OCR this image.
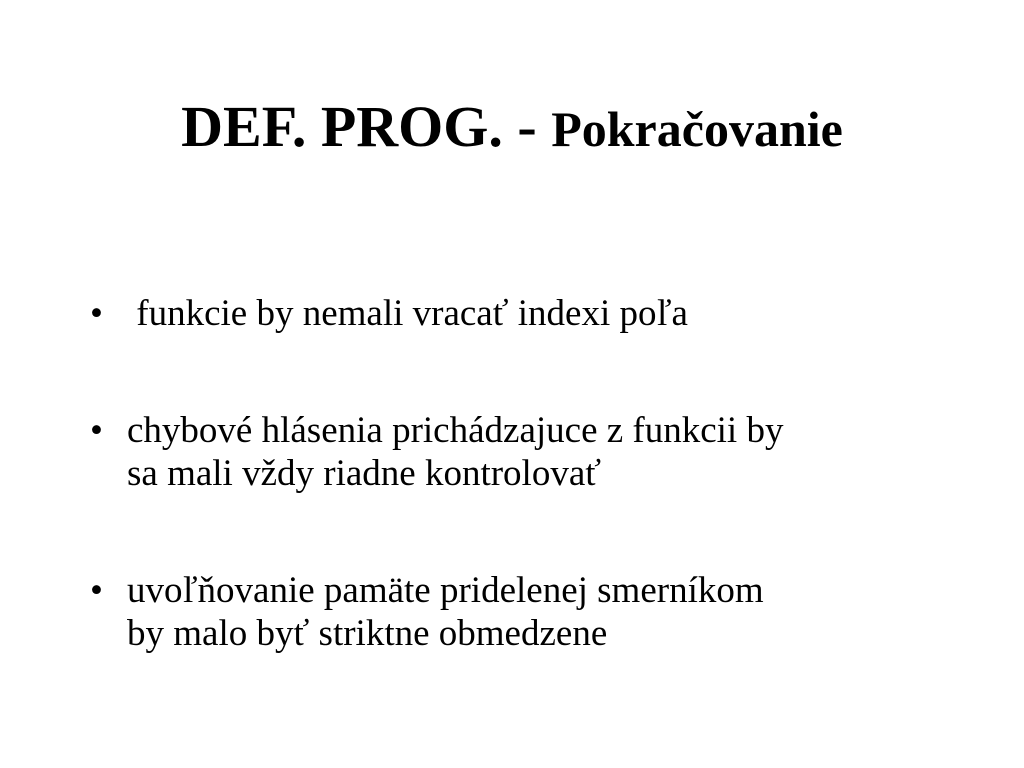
DEF. PROG. - Pokračovanie
• funkcie by nemali vracať indexi poľa
• chybové hlásenia prichádzajuce z funkcii by
sa mali vždy riadne kontrolovať
• uvoľňovanie pamäte pridelenej smerníkom
by malo byť striktne obmedzene
